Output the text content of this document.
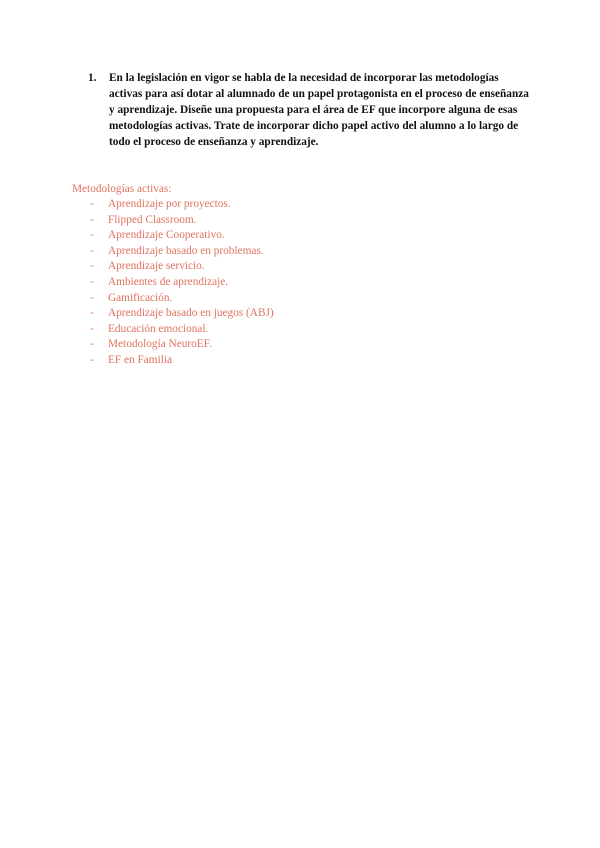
1.	En la legislación en vigor se habla de la necesidad de incorporar las metodologías activas para así dotar al alumnado de un papel protagonista en el proceso de enseñanza y aprendizaje. Diseñe una propuesta para el área de EF que incorpore alguna de esas metodologías activas. Trate de incorporar dicho papel activo del alumno a lo largo de todo el proceso de enseñanza y aprendizaje.
Metodologías activas:
-	Aprendizaje por proyectos.
-	Flipped Classroom.
-	Aprendizaje Cooperativo.
-	Aprendizaje basado en problemas.
-	Aprendizaje servicio.
-	Ambientes de aprendizaje.
-	Gamificación.
-	Aprendizaje basado en juegos (ABJ)
-	Educación emocional.
-	Metodología NeuroEF.
-	EF en Familia
